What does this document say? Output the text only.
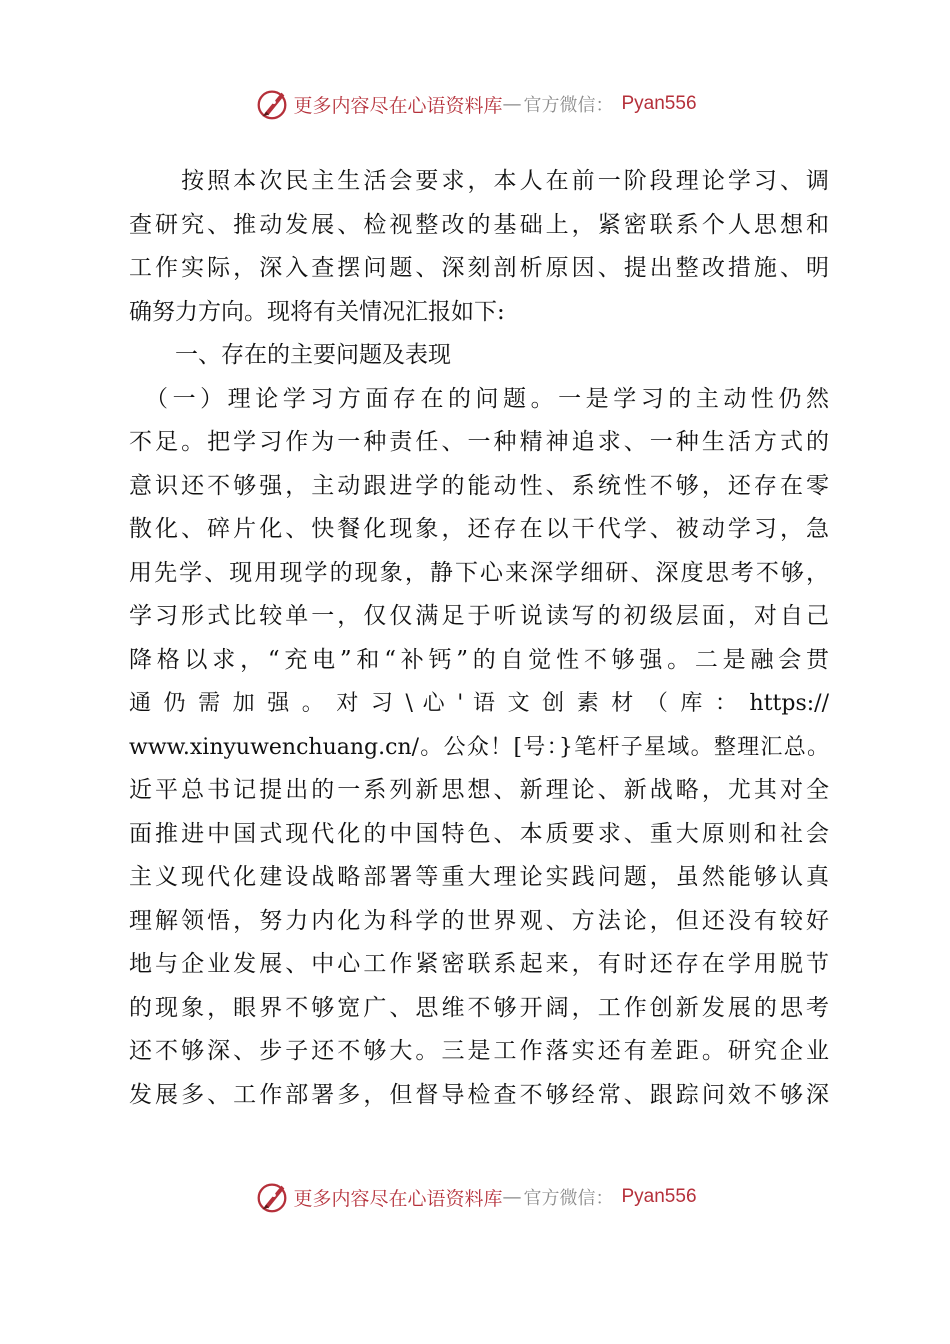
更多内容尽在心语资料库 — 官方微信： Pyan556
　　按照本次民主生活会要求，本人在前一阶段理论学习、调
查研究、推动发展、检视整改的基础上，紧密联系个人思想和
工作实际，深入查摆问题、深刻剖析原因、提出整改措施、明
确努力方向。现将有关情况汇报如下:
　　一、存在的主要问题及表现
　（一）理论学习方面存在的问题。一是学习的主动性仍然
不足。把学习作为一种责任、一种精神追求、一种生活方式的
意识还不够强，主动跟进学的能动性、系统性不够，还存在零
散化、碎片化、快餐化现象，还存在以干代学、被动学习，急
用先学、现用现学的现象，静下心来深学细研、深度思考不够，
学习形式比较单一，仅仅满足于听说读写的初级层面，对自己
降格以求，“充电”和“补钙”的自觉性不够强。二是融会贯
通 仍 需 加 强 。 对 习 \ 心 ' 语 文 创 素 材 （ 库 ： https://
www.xinyuwenchuang.cn/。公众！[号：}笔杆子星域。整理汇总。
近平总书记提出的一系列新思想、新理论、新战略，尤其对全
面推进中国式现代化的中国特色、本质要求、重大原则和社会
主义现代化建设战略部署等重大理论实践问题，虽然能够认真
理解领悟，努力内化为科学的世界观、方法论，但还没有较好
地与企业发展、中心工作紧密联系起来，有时还存在学用脱节
的现象，眼界不够宽广、思维不够开阔，工作创新发展的思考
还不够深、步子还不够大。三是工作落实还有差距。研究企业
发展多、工作部署多，但督导检查不够经常、跟踪问效不够深
更多内容尽在心语资料库 — 官方微信： Pyan556
